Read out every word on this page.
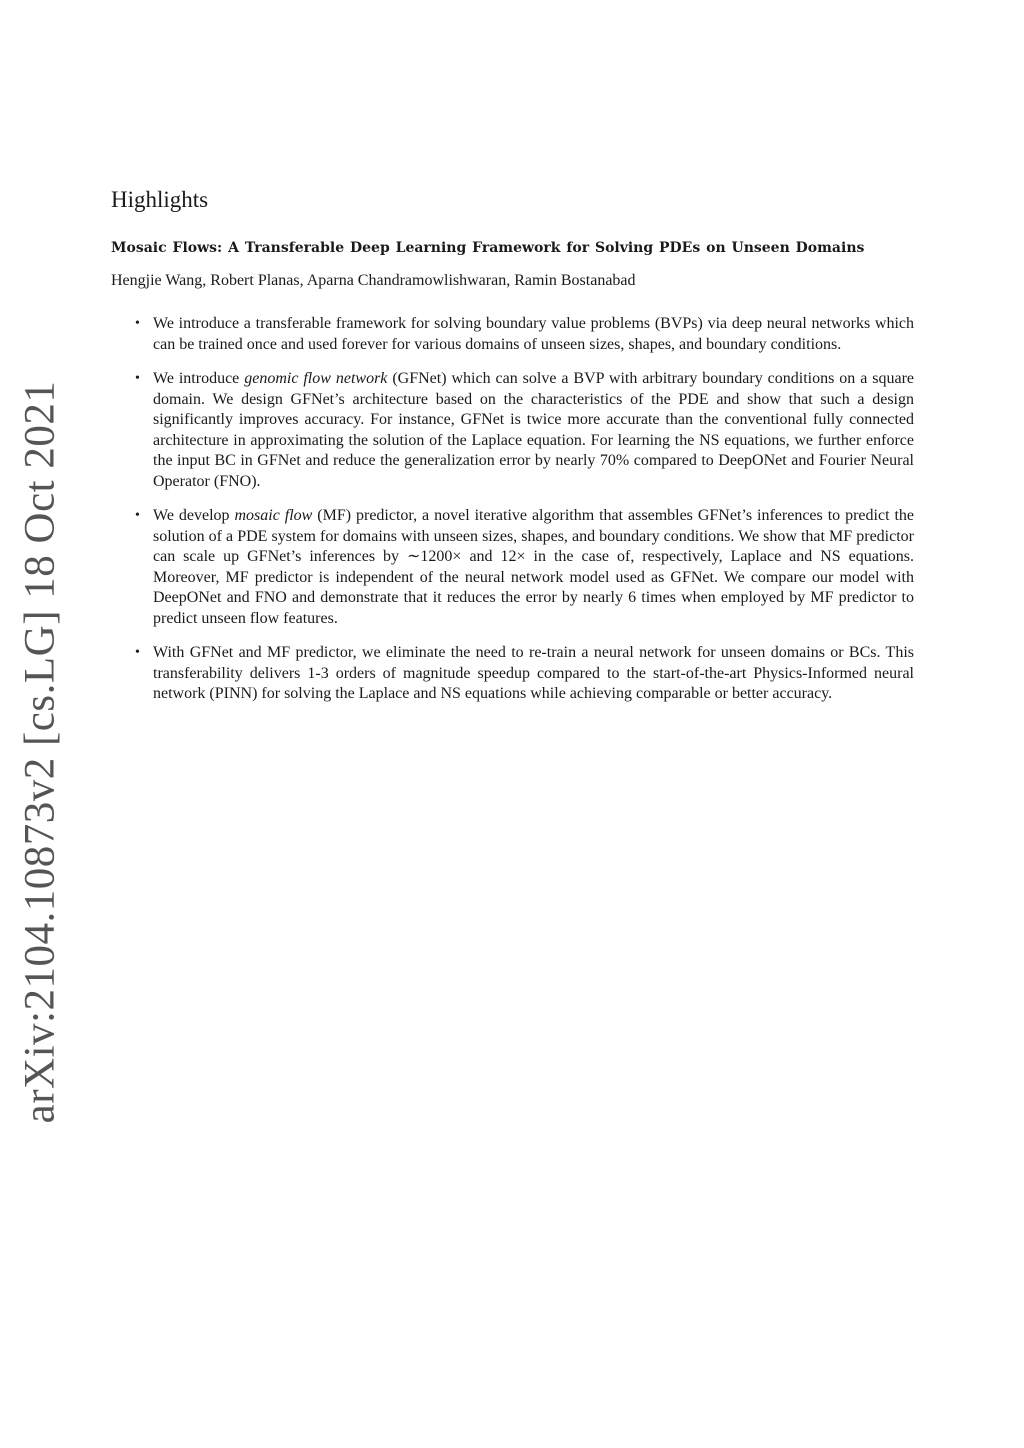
arXiv:2104.10873v2 [cs.LG] 18 Oct 2021
Highlights
Mosaic Flows: A Transferable Deep Learning Framework for Solving PDEs on Unseen Domains
Hengjie Wang, Robert Planas, Aparna Chandramowlishwaran, Ramin Bostanabad
• We introduce a transferable framework for solving boundary value problems (BVPs) via deep neural networks which can be trained once and used forever for various domains of unseen sizes, shapes, and boundary conditions.
• We introduce genomic flow network (GFNet) which can solve a BVP with arbitrary boundary conditions on a square domain. We design GFNet’s architecture based on the characteristics of the PDE and show that such a design significantly improves accuracy. For instance, GFNet is twice more accurate than the conventional fully connected architecture in approximating the solution of the Laplace equation. For learning the NS equations, we further enforce the input BC in GFNet and reduce the generalization error by nearly 70% compared to DeepONet and Fourier Neural Operator (FNO).
• We develop mosaic flow (MF) predictor, a novel iterative algorithm that assembles GFNet’s inferences to predict the solution of a PDE system for domains with unseen sizes, shapes, and boundary conditions. We show that MF predictor can scale up GFNet’s inferences by ∼1200× and 12× in the case of, respectively, Laplace and NS equations. Moreover, MF predictor is independent of the neural network model used as GFNet. We compare our model with DeepONet and FNO and demonstrate that it reduces the error by nearly 6 times when employed by MF predictor to predict unseen flow features.
• With GFNet and MF predictor, we eliminate the need to re-train a neural network for unseen domains or BCs. This transferability delivers 1-3 orders of magnitude speedup compared to the start-of-the-art Physics-Informed neural network (PINN) for solving the Laplace and NS equations while achieving comparable or better accuracy.
